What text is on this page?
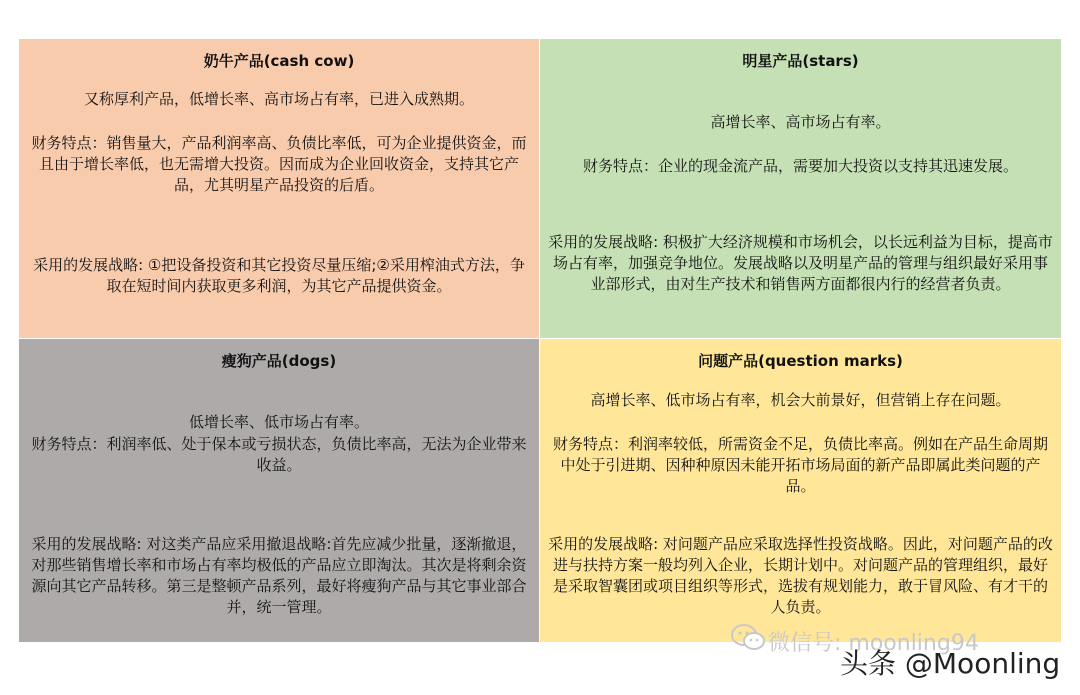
奶牛产品(cash cow)

又称厚利产品，低增长率、高市场占有率，已进入成熟期。

财务特点：销售量大，产品利润率高、负债比率低，可为企业提供资金，而且由于增长率低，也无需增大投资。因而成为企业回收资金，支持其它产品，尤其明星产品投资的后盾。

采用的发展战略: ①把设备投资和其它投资尽量压缩;②采用榨油式方法，争取在短时间内获取更多利润，为其它产品提供资金。

明星产品(stars)

高增长率、高市场占有率。

财务特点：企业的现金流产品，需要加大投资以支持其迅速发展。

采用的发展战略: 积极扩大经济规模和市场机会，以长远利益为目标，提高市场占有率，加强竞争地位。发展战略以及明星产品的管理与组织最好采用事业部形式，由对生产技术和销售两方面都很内行的经营者负责。

瘦狗产品(dogs)

低增长率、低市场占有率。

财务特点：利润率低、处于保本或亏损状态，负债比率高，无法为企业带来收益。

采用的发展战略: 对这类产品应采用撤退战略:首先应减少批量，逐渐撤退，对那些销售增长率和市场占有率均极低的产品应立即淘汰。其次是将剩余资源向其它产品转移。第三是整顿产品系列，最好将瘦狗产品与其它事业部合并，统一管理。

问题产品(question marks)

高增长率、低市场占有率，机会大前景好，但营销上存在问题。

财务特点：利润率较低，所需资金不足，负债比率高。例如在产品生命周期中处于引进期、因种种原因未能开拓市场局面的新产品即属此类问题的产品。

采用的发展战略: 对问题产品应采取选择性投资战略。因此，对问题产品的改进与扶持方案一般均列入企业，长期计划中。对问题产品的管理组织，最好是采取智囊团或项目组织等形式，选拔有规划能力，敢于冒风险、有才干的人负责。

微信号: moonling94
头条 @Moonling
